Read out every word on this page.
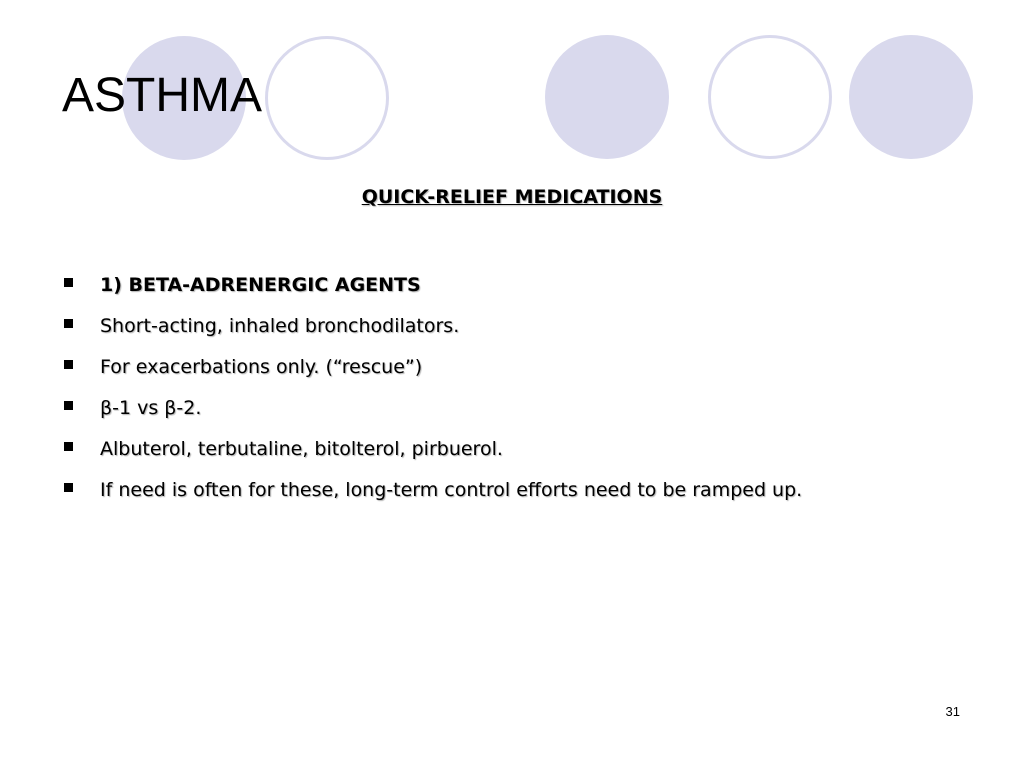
ASTHMA
QUICK-RELIEF MEDICATIONS
1) BETA-ADRENERGIC AGENTS
Short-acting, inhaled bronchodilators.
For exacerbations only. (“rescue”)
β-1 vs β-2.
Albuterol, terbutaline, bitolterol, pirbuerol.
If need is often for these, long-term control efforts need to be ramped up.
31
